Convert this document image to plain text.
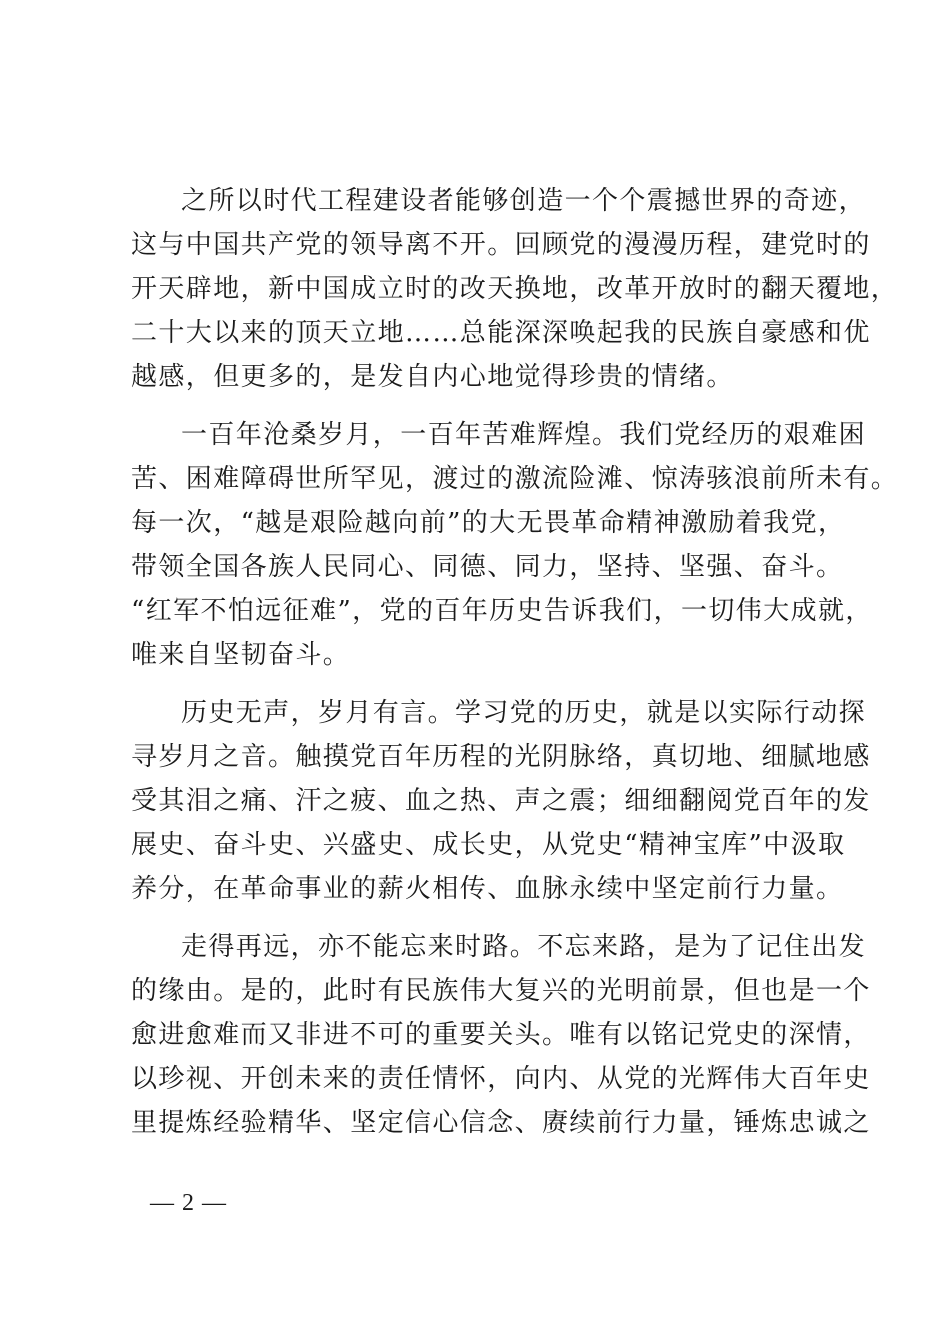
之所以时代工程建设者能够创造一个个震撼世界的奇迹，
这与中国共产党的领导离不开。回顾党的漫漫历程，建党时的
开天辟地，新中国成立时的改天换地，改革开放时的翻天覆地，
二十大以来的顶天立地……总能深深唤起我的民族自豪感和优
越感，但更多的，是发自内心地觉得珍贵的情绪。

一百年沧桑岁月，一百年苦难辉煌。我们党经历的艰难困
苦、困难障碍世所罕见，渡过的激流险滩、惊涛骇浪前所未有。
每一次，“越是艰险越向前”的大无畏革命精神激励着我党，
带领全国各族人民同心、同德、同力，坚持、坚强、奋斗。
“红军不怕远征难”，党的百年历史告诉我们，一切伟大成就，
唯来自坚韧奋斗。

历史无声，岁月有言。学习党的历史，就是以实际行动探
寻岁月之音。触摸党百年历程的光阴脉络，真切地、细腻地感
受其泪之痛、汗之疲、血之热、声之震；细细翻阅党百年的发
展史、奋斗史、兴盛史、成长史，从党史“精神宝库”中汲取
养分，在革命事业的薪火相传、血脉永续中坚定前行力量。

走得再远，亦不能忘来时路。不忘来路，是为了记住出发
的缘由。是的，此时有民族伟大复兴的光明前景，但也是一个
愈进愈难而又非进不可的重要关头。唯有以铭记党史的深情，
以珍视、开创未来的责任情怀，向内、从党的光辉伟大百年史
里提炼经验精华、坚定信心信念、赓续前行力量，锤炼忠诚之

— 2 —
